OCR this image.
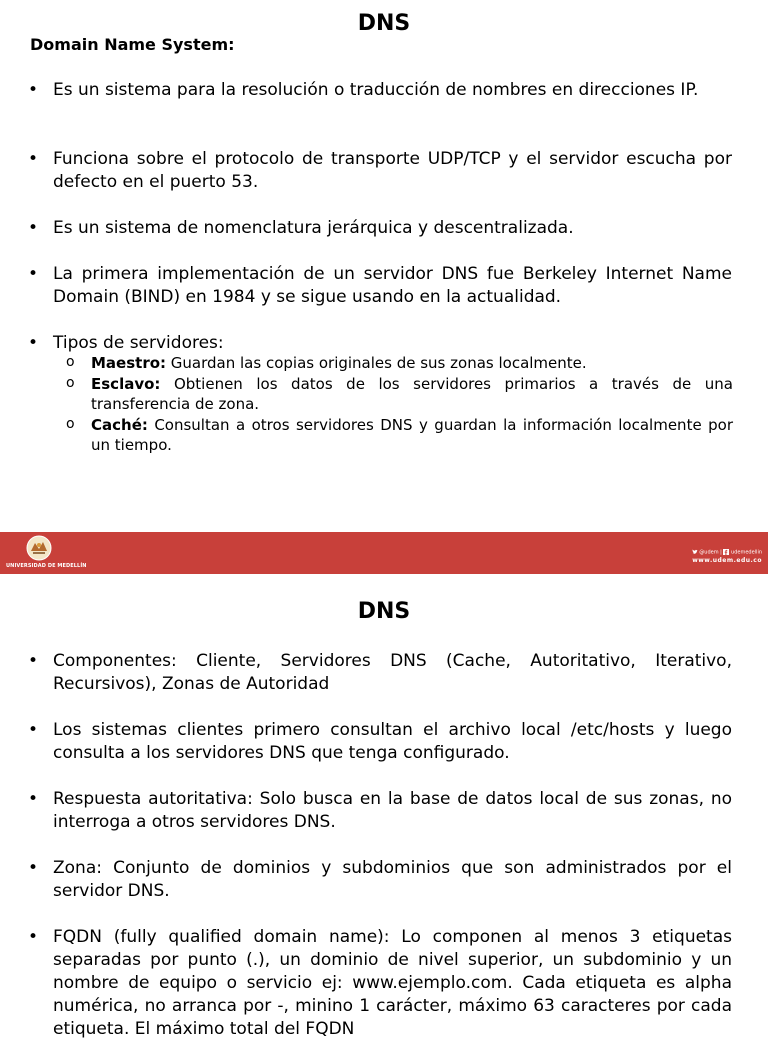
DNS
Domain Name System:
• Es un sistema para la resolución o traducción de nombres en direcciones IP.
• Funciona sobre el protocolo de transporte UDP/TCP y el servidor escucha por defecto en el puerto 53.
• Es un sistema de nomenclatura jerárquica y descentralizada.
• La primera implementación de un servidor DNS fue Berkeley Internet Name Domain (BIND) en 1984 y se sigue usando en la actualidad.
• Tipos de servidores:
o Maestro: Guardan las copias originales de sus zonas localmente.
o Esclavo: Obtienen los datos de los servidores primarios a través de una transferencia de zona.
o Caché: Consultan a otros servidores DNS y guardan la información localmente por un tiempo.
UNIVERSIDAD DE MEDELLÍN
@udem | udemedellin
www.udem.edu.co
DNS
• Componentes: Cliente, Servidores DNS (Cache, Autoritativo, Iterativo, Recursivos), Zonas de Autoridad
• Los sistemas clientes primero consultan el archivo local /etc/hosts y luego consulta a los servidores DNS que tenga configurado.
• Respuesta autoritativa: Solo busca en la base de datos local de sus zonas, no interroga a otros servidores DNS.
• Zona: Conjunto de dominios y subdominios que son administrados por el servidor DNS.
• FQDN (fully qualified domain name): Lo componen al menos 3 etiquetas separadas por punto (.), un dominio de nivel superior, un subdominio y un nombre de equipo o servicio ej: www.ejemplo.com. Cada etiqueta es alpha numérica, no arranca por -, minino 1 carácter, máximo 63 caracteres por cada etiqueta. El máximo total del FQDN
